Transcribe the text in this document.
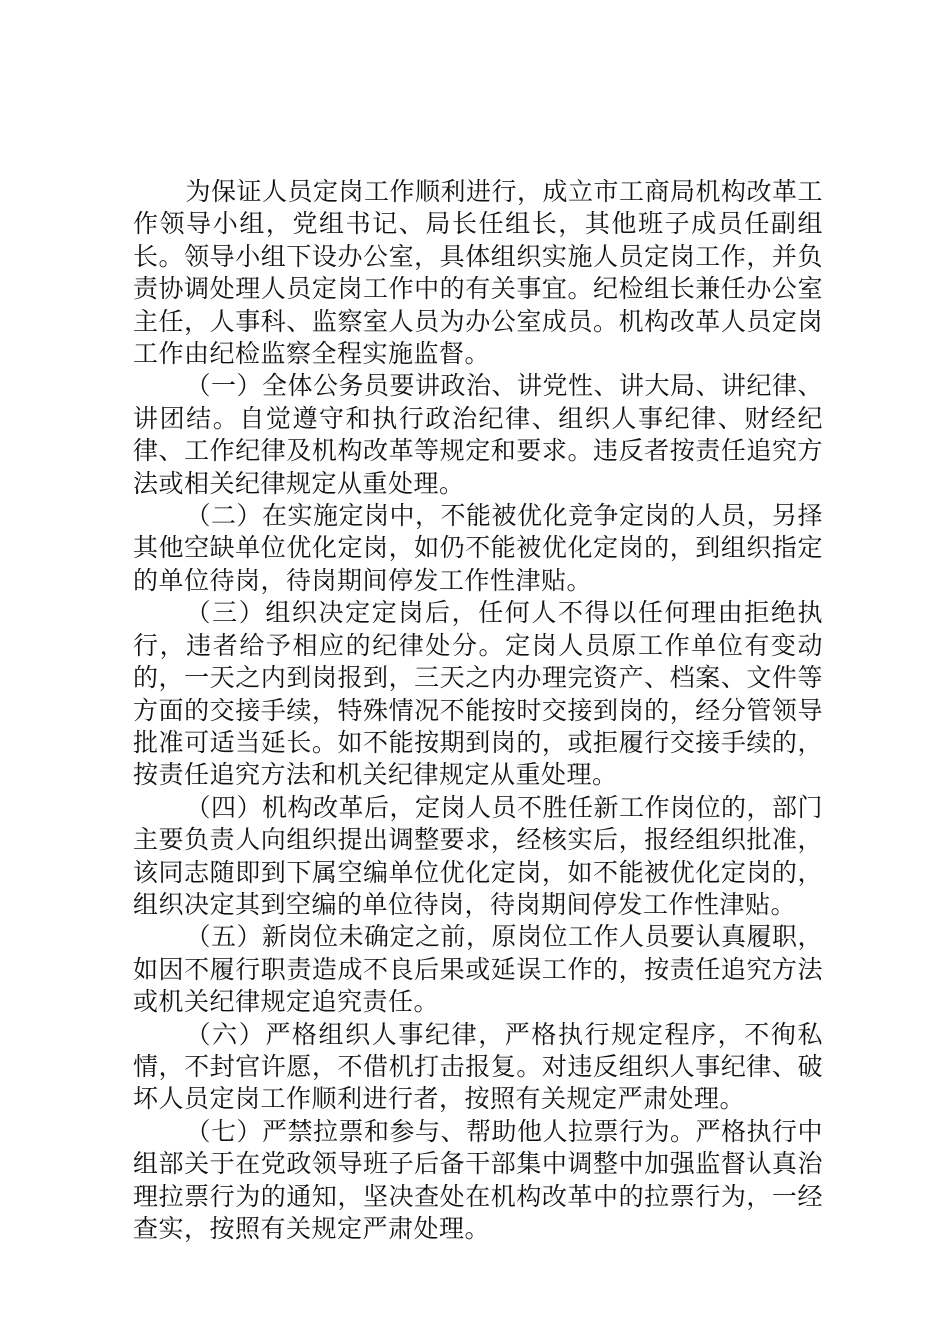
为保证人员定岗工作顺利进行，成立市工商局机构改革工作领导小组，党组书记、局长任组长，其他班子成员任副组长。领导小组下设办公室，具体组织实施人员定岗工作，并负责协调处理人员定岗工作中的有关事宜。纪检组长兼任办公室主任，人事科、监察室人员为办公室成员。机构改革人员定岗工作由纪检监察全程实施监督。

（一）全体公务员要讲政治、讲党性、讲大局、讲纪律、讲团结。自觉遵守和执行政治纪律、组织人事纪律、财经纪律、工作纪律及机构改革等规定和要求。违反者按责任追究方法或相关纪律规定从重处理。

（二）在实施定岗中，不能被优化竞争定岗的人员，另择其他空缺单位优化定岗，如仍不能被优化定岗的，到组织指定的单位待岗，待岗期间停发工作性津贴。

（三）组织决定定岗后，任何人不得以任何理由拒绝执行，违者给予相应的纪律处分。定岗人员原工作单位有变动的，一天之内到岗报到，三天之内办理完资产、档案、文件等方面的交接手续，特殊情况不能按时交接到岗的，经分管领导批准可适当延长。如不能按期到岗的，或拒履行交接手续的，按责任追究方法和机关纪律规定从重处理。

（四）机构改革后，定岗人员不胜任新工作岗位的，部门主要负责人向组织提出调整要求，经核实后，报经组织批准，该同志随即到下属空编单位优化定岗，如不能被优化定岗的，组织决定其到空编的单位待岗，待岗期间停发工作性津贴。

（五）新岗位未确定之前，原岗位工作人员要认真履职，如因不履行职责造成不良后果或延误工作的，按责任追究方法或机关纪律规定追究责任。

（六）严格组织人事纪律，严格执行规定程序，不徇私情，不封官许愿，不借机打击报复。对违反组织人事纪律、破坏人员定岗工作顺利进行者，按照有关规定严肃处理。

（七）严禁拉票和参与、帮助他人拉票行为。严格执行中组部关于在党政领导班子后备干部集中调整中加强监督认真治理拉票行为的通知，坚决查处在机构改革中的拉票行为，一经查实，按照有关规定严肃处理。
